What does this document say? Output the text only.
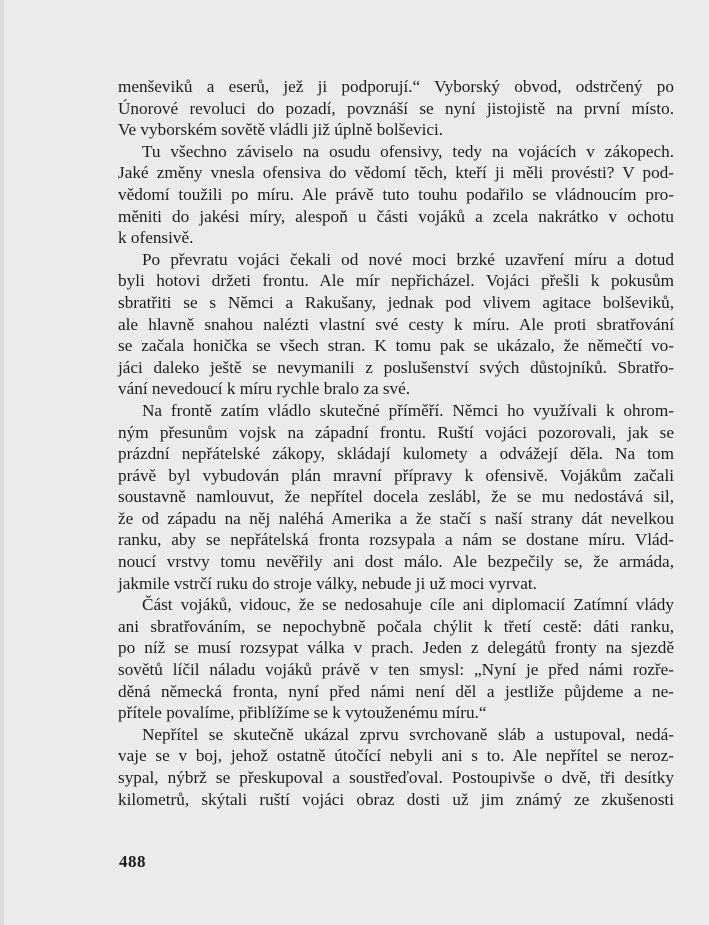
menševiků a eserů, jež ji podporují.“ Vyborský obvod, odstrčený po
Únorové revoluci do pozadí, povznáší se nyní jistojistě na první místo.
Ve vyborském sovětě vládli již úplně bolševici.
Tu všechno záviselo na osudu ofensivy, tedy na vojácích v zákopech.
Jaké změny vnesla ofensiva do vědomí těch, kteří ji měli provésti? V pod-
vědomí toužili po míru. Ale právě tuto touhu podařilo se vládnoucím pro-
měniti do jakési míry, alespoň u části vojáků a zcela nakrátko v ochotu
k ofensivě.
Po převratu vojáci čekali od nové moci brzké uzavření míru a dotud
byli hotovi držeti frontu. Ale mír nepřicházel. Vojáci přešli k pokusům
sbratřiti se s Němci a Rakušany, jednak pod vlivem agitace bolševiků,
ale hlavně snahou nalézti vlastní své cesty k míru. Ale proti sbratřování
se začala honička se všech stran. K tomu pak se ukázalo, že němečtí vo-
jáci daleko ještě se nevymanili z poslušenství svých důstojníků. Sbratřo-
vání nevedoucí k míru rychle bralo za své.
Na frontě zatím vládlo skutečné příměří. Němci ho využívali k ohrom-
ným přesunům vojsk na západní frontu. Ruští vojáci pozorovali, jak se
prázdní nepřátelské zákopy, skládají kulomety a odvážejí děla. Na tom
právě byl vybudován plán mravní přípravy k ofensivě. Vojákům začali
soustavně namlouvut, že nepřítel docela zeslábl, že se mu nedostává sil,
že od západu na něj naléhá Amerika a že stačí s naší strany dát nevelkou
ranku, aby se nepřátelská fronta rozsypala a nám se dostane míru. Vlád-
noucí vrstvy tomu nevěřily ani dost málo. Ale bezpečily se, že armáda,
jakmile vstrčí ruku do stroje války, nebude ji už moci vyrvat.
Část vojáků, vidouc, že se nedosahuje cíle ani diplomacií Zatímní vlády
ani sbratřováním, se nepochybně počala chýlit k třetí cestě: dáti ranku,
po níž se musí rozsypat válka v prach. Jeden z delegátů fronty na sjezdě
sovětů líčil náladu vojáků právě v ten smysl: „Nyní je před námi rozře-
děná německá fronta, nyní před námi není děl a jestliže půjdeme a ne-
přítele povalíme, přiblížíme se k vytouženému míru.“
Nepřítel se skutečně ukázal zprvu svrchovaně sláb a ustupoval, nedá-
vaje se v boj, jehož ostatně útočící nebyli ani s to. Ale nepřítel se neroz-
sypal, nýbrž se přeskupoval a soustřeďoval. Postoupivše o dvě, tři desítky
kilometrů, skýtali ruští vojáci obraz dosti už jim známý ze zkušenosti
488
